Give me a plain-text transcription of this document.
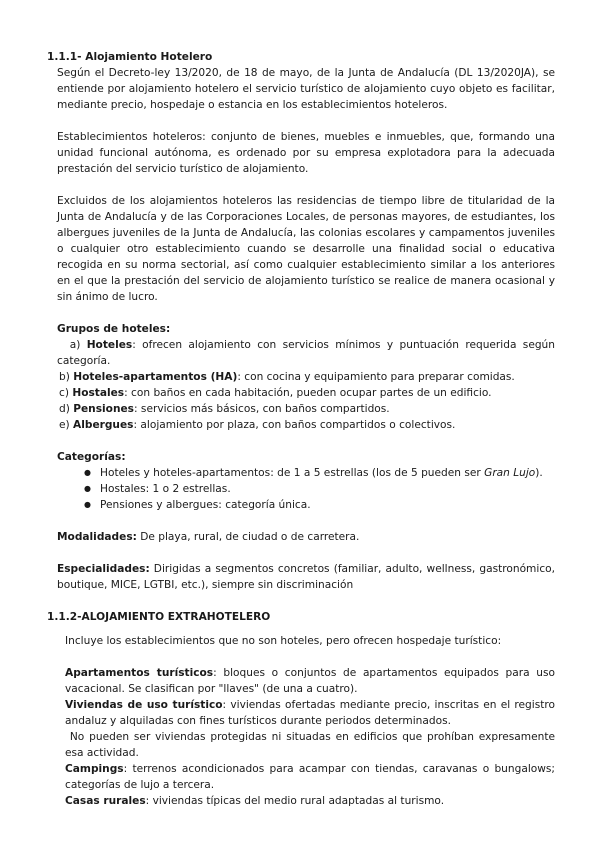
1.1.1- Alojamiento Hotelero

Según el Decreto-ley 13/2020, de 18 de mayo, de la Junta de Andalucía (DL 13/2020JA), se entiende por alojamiento hotelero el servicio turístico de alojamiento cuyo objeto es facilitar, mediante precio, hospedaje o estancia en los establecimientos hoteleros.

Establecimientos hoteleros: conjunto de bienes, muebles e inmuebles, que, formando una unidad funcional autónoma, es ordenado por su empresa explotadora para la adecuada prestación del servicio turístico de alojamiento.

Excluidos de los alojamientos hoteleros las residencias de tiempo libre de titularidad de la Junta de Andalucía y de las Corporaciones Locales, de personas mayores, de estudiantes, los albergues juveniles de la Junta de Andalucía, las colonias escolares y campamentos juveniles o cualquier otro establecimiento cuando se desarrolle una finalidad social o educativa recogida en su norma sectorial, así como cualquier establecimiento similar a los anteriores en el que la prestación del servicio de alojamiento turístico se realice de manera ocasional y sin ánimo de lucro.

Grupos de hoteles:

a) Hoteles: ofrecen alojamiento con servicios mínimos y puntuación requerida según categoría.
b) Hoteles-apartamentos (HA): con cocina y equipamiento para preparar comidas.
c) Hostales: con baños en cada habitación, pueden ocupar partes de un edificio.
d) Pensiones: servicios más básicos, con baños compartidos.
e) Albergues: alojamiento por plaza, con baños compartidos o colectivos.

Categorías:

● Hoteles y hoteles-apartamentos: de 1 a 5 estrellas (los de 5 pueden ser Gran Lujo).
● Hostales: 1 o 2 estrellas.
● Pensiones y albergues: categoría única.
Modalidades: De playa, rural, de ciudad o de carretera.
Especialidades: Dirigidas a segmentos concretos (familiar, adulto, wellness, gastronómico, boutique, MICE, LGTBI, etc.), siempre sin discriminación

1.1.2-ALOJAMIENTO EXTRAHOTELERO

Incluye los establecimientos que no son hoteles, pero ofrecen hospedaje turístico:

Apartamentos turísticos: bloques o conjuntos de apartamentos equipados para uso vacacional. Se clasifican por "llaves" (de una a cuatro).
Viviendas de uso turístico: viviendas ofertadas mediante precio, inscritas en el registro andaluz y alquiladas con fines turísticos durante periodos determinados.

No pueden ser viviendas protegidas ni situadas en edificios que prohíban expresamente esa actividad.

Campings: terrenos acondicionados para acampar con tiendas, caravanas o bungalows; categorías de lujo a tercera.
Casas rurales: viviendas típicas del medio rural adaptadas al turismo.
